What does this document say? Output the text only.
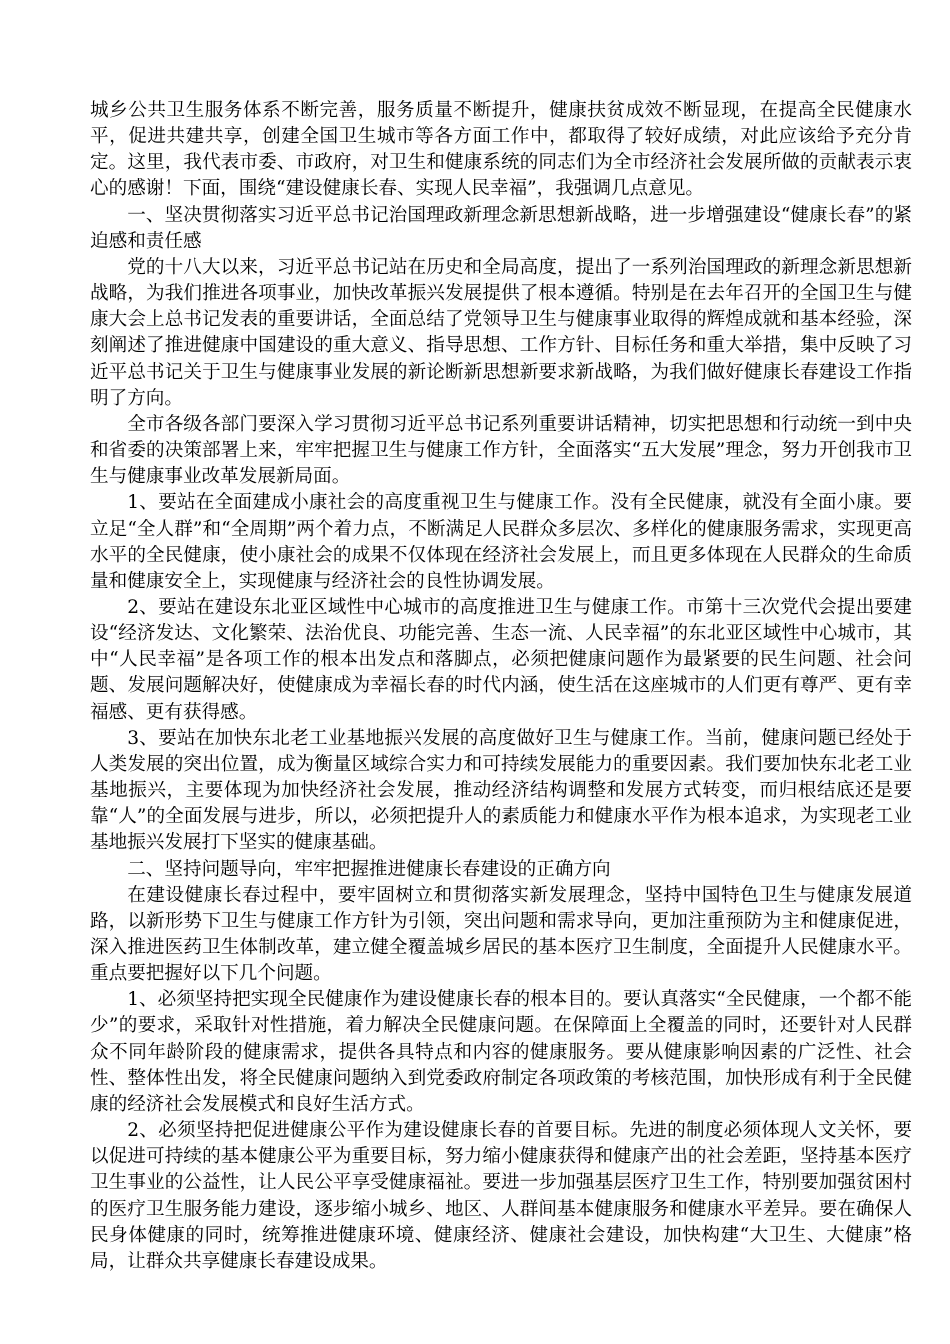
城乡公共卫生服务体系不断完善，服务质量不断提升，健康扶贫成效不断显现，在提高全民健康水平，促进共建共享，创建全国卫生城市等各方面工作中，都取得了较好成绩，对此应该给予充分肯定。这里，我代表市委、市政府，对卫生和健康系统的同志们为全市经济社会发展所做的贡献表示衷心的感谢！下面，围绕“建设健康长春、实现人民幸福”，我强调几点意见。

一、坚决贯彻落实习近平总书记治国理政新理念新思想新战略，进一步增强建设“健康长春”的紧迫感和责任感

党的十八大以来，习近平总书记站在历史和全局高度，提出了一系列治国理政的新理念新思想新战略，为我们推进各项事业，加快改革振兴发展提供了根本遵循。特别是在去年召开的全国卫生与健康大会上总书记发表的重要讲话，全面总结了党领导卫生与健康事业取得的辉煌成就和基本经验，深刻阐述了推进健康中国建设的重大意义、指导思想、工作方针、目标任务和重大举措，集中反映了习近平总书记关于卫生与健康事业发展的新论断新思想新要求新战略，为我们做好健康长春建设工作指明了方向。

全市各级各部门要深入学习贯彻习近平总书记系列重要讲话精神，切实把思想和行动统一到中央和省委的决策部署上来，牢牢把握卫生与健康工作方针，全面落实“五大发展”理念，努力开创我市卫生与健康事业改革发展新局面。

1、要站在全面建成小康社会的高度重视卫生与健康工作。没有全民健康，就没有全面小康。要立足“全人群”和“全周期”两个着力点，不断满足人民群众多层次、多样化的健康服务需求，实现更高水平的全民健康，使小康社会的成果不仅体现在经济社会发展上，而且更多体现在人民群众的生命质量和健康安全上，实现健康与经济社会的良性协调发展。

2、要站在建设东北亚区域性中心城市的高度推进卫生与健康工作。市第十三次党代会提出要建设“经济发达、文化繁荣、法治优良、功能完善、生态一流、人民幸福”的东北亚区域性中心城市，其中“人民幸福”是各项工作的根本出发点和落脚点，必须把健康问题作为最紧要的民生问题、社会问题、发展问题解决好，使健康成为幸福长春的时代内涵，使生活在这座城市的人们更有尊严、更有幸福感、更有获得感。

3、要站在加快东北老工业基地振兴发展的高度做好卫生与健康工作。当前，健康问题已经处于人类发展的突出位置，成为衡量区域综合实力和可持续发展能力的重要因素。我们要加快东北老工业基地振兴，主要体现为加快经济社会发展，推动经济结构调整和发展方式转变，而归根结底还是要靠“人”的全面发展与进步，所以，必须把提升人的素质能力和健康水平作为根本追求，为实现老工业基地振兴发展打下坚实的健康基础。

二、坚持问题导向，牢牢把握推进健康长春建设的正确方向

在建设健康长春过程中，要牢固树立和贯彻落实新发展理念，坚持中国特色卫生与健康发展道路，以新形势下卫生与健康工作方针为引领，突出问题和需求导向，更加注重预防为主和健康促进，深入推进医药卫生体制改革，建立健全覆盖城乡居民的基本医疗卫生制度，全面提升人民健康水平。重点要把握好以下几个问题。

1、必须坚持把实现全民健康作为建设健康长春的根本目的。要认真落实“全民健康，一个都不能少”的要求，采取针对性措施，着力解决全民健康问题。在保障面上全覆盖的同时，还要针对人民群众不同年龄阶段的健康需求，提供各具特点和内容的健康服务。要从健康影响因素的广泛性、社会性、整体性出发，将全民健康问题纳入到党委政府制定各项政策的考核范围，加快形成有利于全民健康的经济社会发展模式和良好生活方式。

2、必须坚持把促进健康公平作为建设健康长春的首要目标。先进的制度必须体现人文关怀，要以促进可持续的基本健康公平为重要目标，努力缩小健康获得和健康产出的社会差距，坚持基本医疗卫生事业的公益性，让人民公平享受健康福祉。要进一步加强基层医疗卫生工作，特别要加强贫困村的医疗卫生服务能力建设，逐步缩小城乡、地区、人群间基本健康服务和健康水平差异。要在确保人民身体健康的同时，统筹推进健康环境、健康经济、健康社会建设，加快构建“大卫生、大健康”格局，让群众共享健康长春建设成果。
